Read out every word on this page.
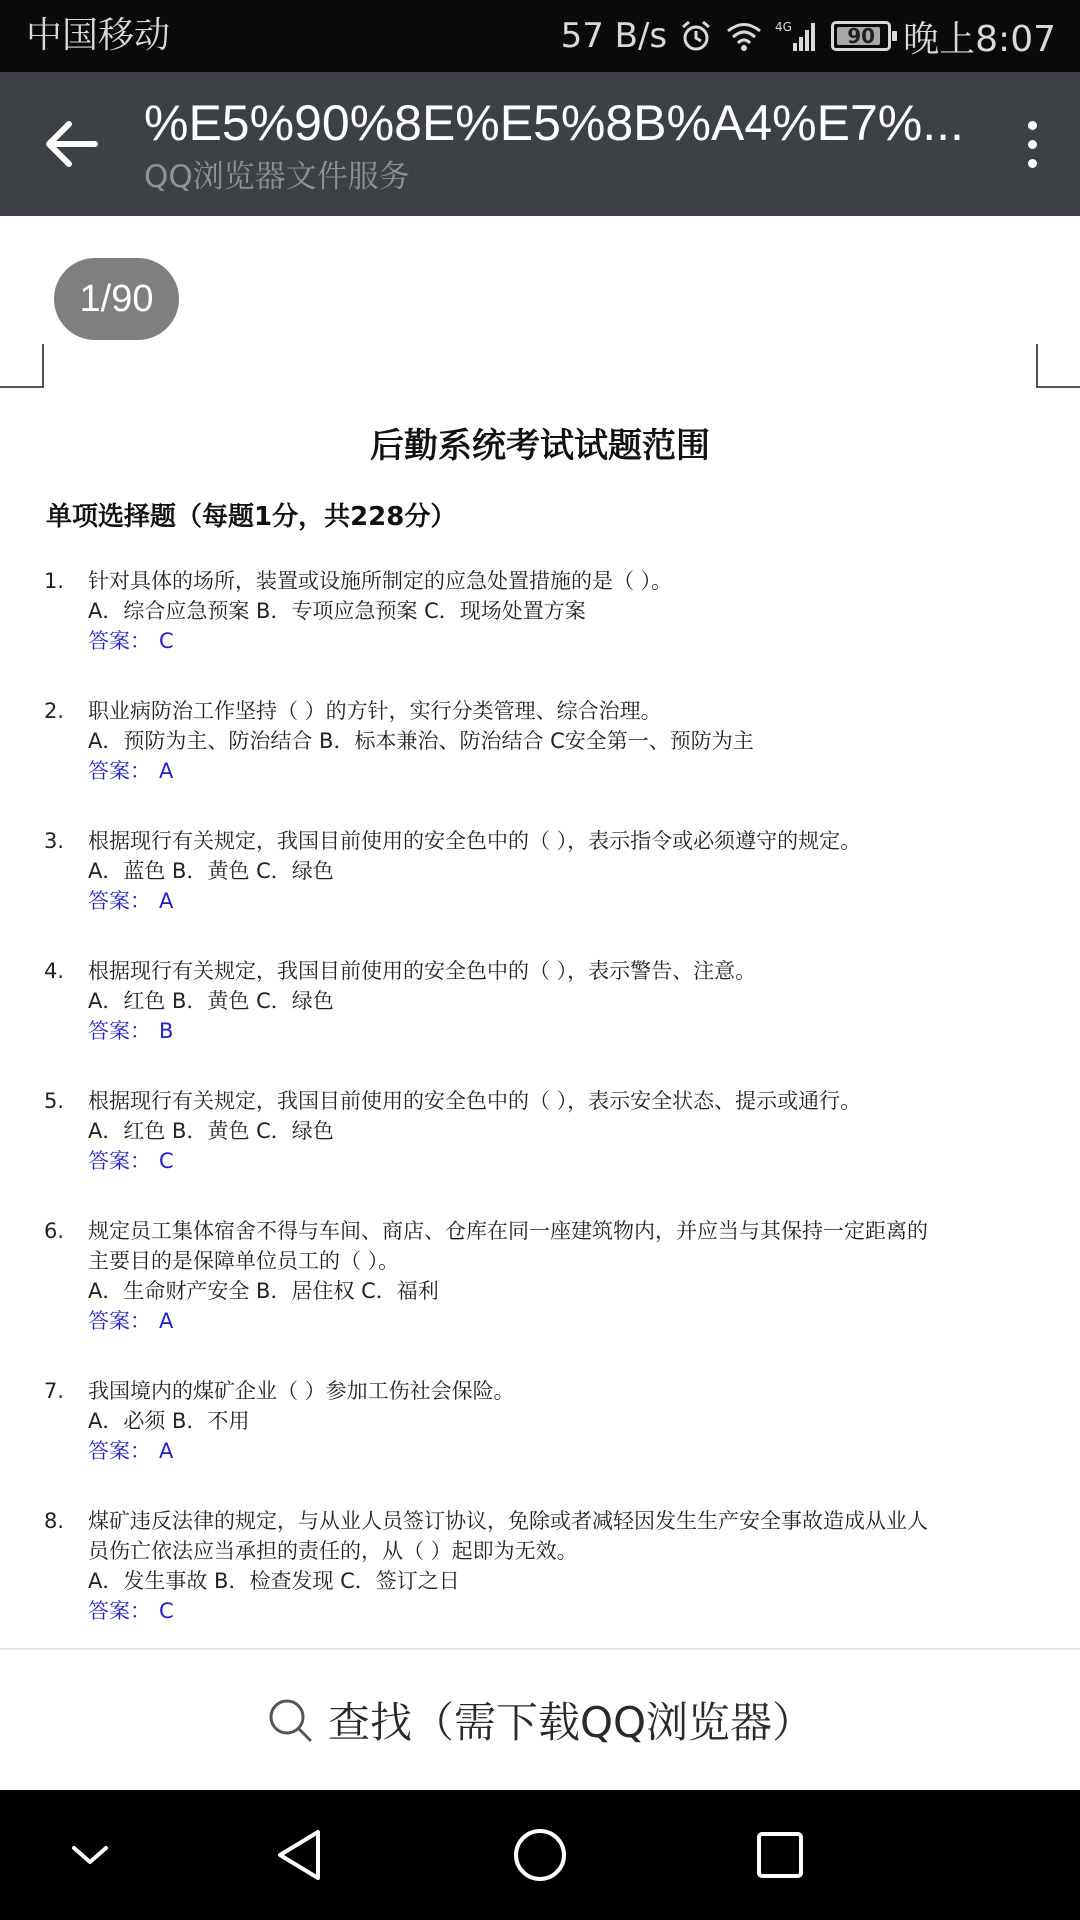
中国移动	57 B/s	4G	90 晚上8:07
%E5%90%8E%E5%8B%A4%E7%...
QQ浏览器文件服务
1/90
后勤系统考试试题范围
单项选择题（每题1分，共228分）
1. 针对具体的场所，装置或设施所制定的应急处置措施的是（ ）。
A．综合应急预案 B．专项应急预案 C．现场处置方案
答案： C
2. 职业病防治工作坚持（ ）的方针，实行分类管理、综合治理。
A．预防为主、防治结合 B．标本兼治、防治结合 C安全第一、预防为主
答案： A
3. 根据现行有关规定，我国目前使用的安全色中的（ ），表示指令或必须遵守的规定。
A．蓝色 B．黄色 C．绿色
答案： A
4. 根据现行有关规定，我国目前使用的安全色中的（ ），表示警告、注意。
A．红色 B．黄色 C．绿色
答案： B
5. 根据现行有关规定，我国目前使用的安全色中的（ ），表示安全状态、提示或通行。
A．红色 B．黄色 C．绿色
答案： C
6. 规定员工集体宿舍不得与车间、商店、仓库在同一座建筑物内，并应当与其保持一定距离的
主要目的是保障单位员工的（ ）。
A．生命财产安全 B．居住权 C．福利
答案： A
7. 我国境内的煤矿企业（ ）参加工伤社会保险。
A．必须 B．不用
答案： A
8. 煤矿违反法律的规定，与从业人员签订协议，免除或者减轻因发生生产安全事故造成从业人
员伤亡依法应当承担的责任的，从（ ）起即为无效。
A．发生事故 B．检查发现 C．签订之日
答案： C
查找（需下载QQ浏览器）
